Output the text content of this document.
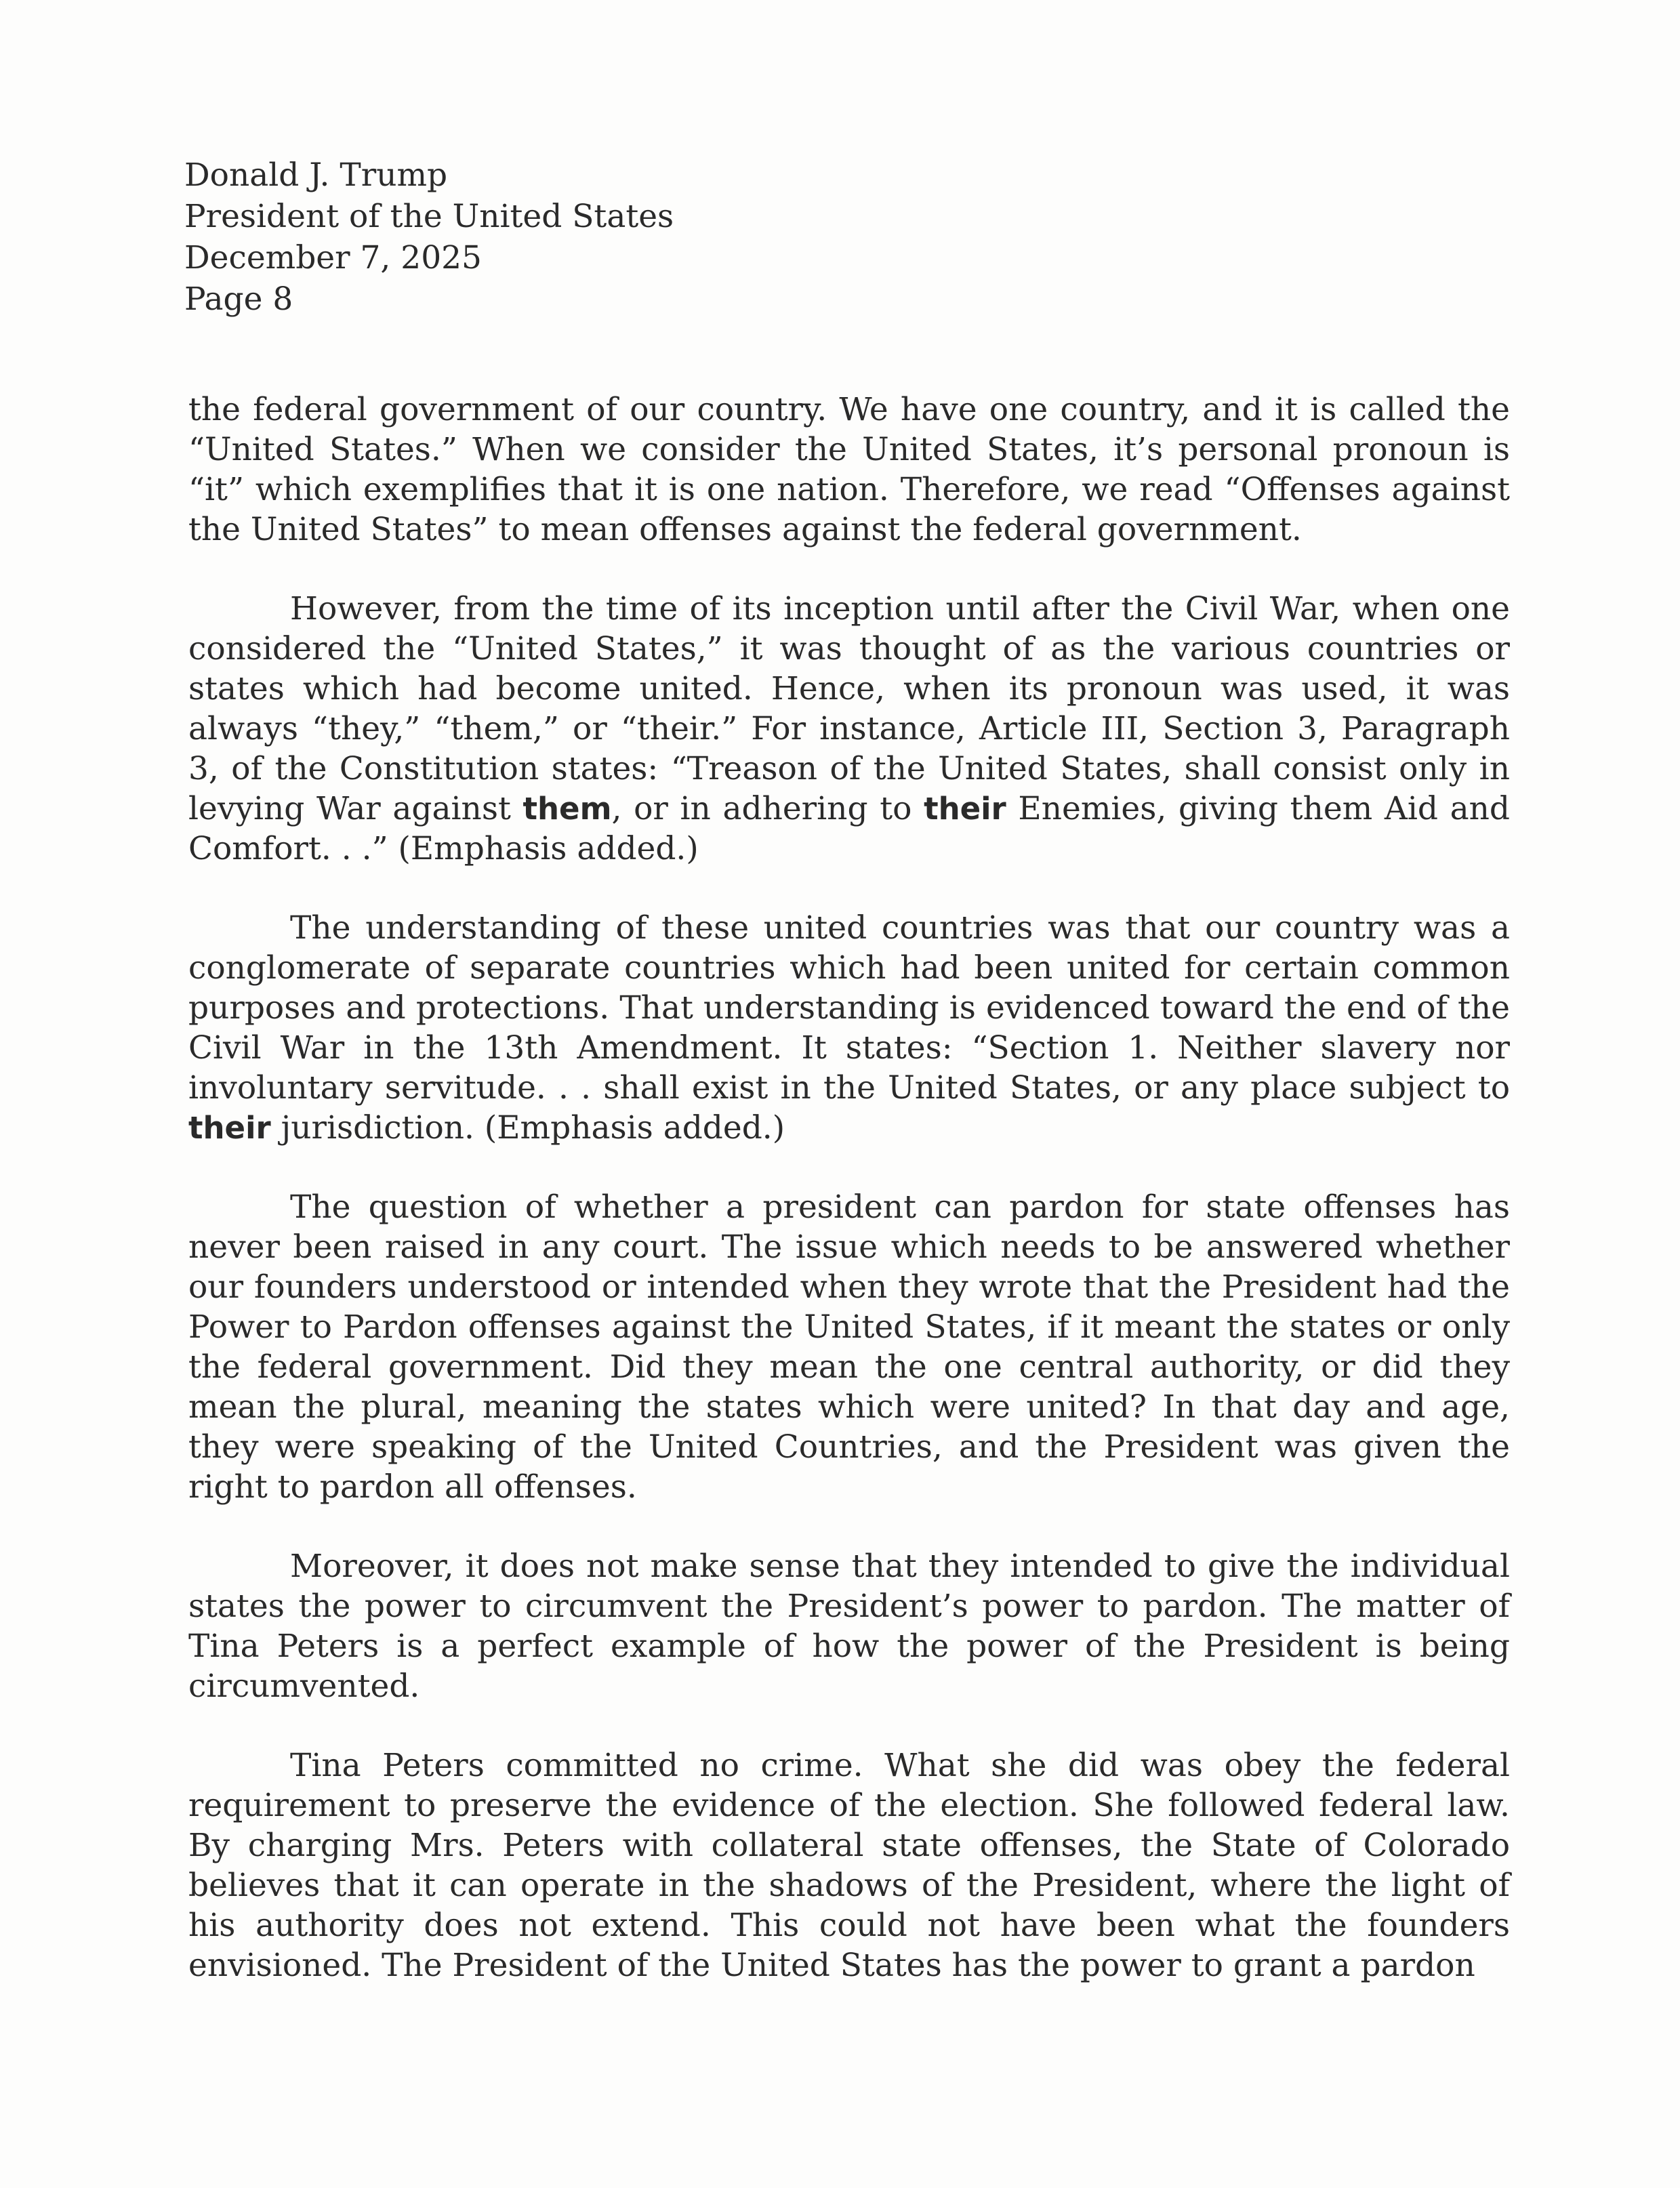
Donald J. Trump
President of the United States
December 7, 2025
Page 8

the federal government of our country. We have one country, and it is called the “United States.” When we consider the United States, it’s personal pronoun is “it” which exemplifies that it is one nation. Therefore, we read “Offenses against the United States” to mean offenses against the federal government.

However, from the time of its inception until after the Civil War, when one considered the “United States,” it was thought of as the various countries or states which had become united. Hence, when its pronoun was used, it was always “they,” “them,” or “their.” For instance, Article III, Section 3, Paragraph 3, of the Constitution states: “Treason of the United States, shall consist only in levying War against them, or in adhering to their Enemies, giving them Aid and Comfort. . .” (Emphasis added.)

The understanding of these united countries was that our country was a conglomerate of separate countries which had been united for certain common purposes and protections. That understanding is evidenced toward the end of the Civil War in the 13th Amendment. It states: “Section 1. Neither slavery nor involuntary servitude. . . shall exist in the United States, or any place subject to their jurisdiction. (Emphasis added.)

The question of whether a president can pardon for state offenses has never been raised in any court. The issue which needs to be answered whether our founders understood or intended when they wrote that the President had the Power to Pardon offenses against the United States, if it meant the states or only the federal government. Did they mean the one central authority, or did they mean the plural, meaning the states which were united? In that day and age, they were speaking of the United Countries, and the President was given the right to pardon all offenses.

Moreover, it does not make sense that they intended to give the individual states the power to circumvent the President’s power to pardon. The matter of Tina Peters is a perfect example of how the power of the President is being circumvented.

Tina Peters committed no crime. What she did was obey the federal requirement to preserve the evidence of the election. She followed federal law. By charging Mrs. Peters with collateral state offenses, the State of Colorado believes that it can operate in the shadows of the President, where the light of his authority does not extend. This could not have been what the founders envisioned. The President of the United States has the power to grant a pardon
